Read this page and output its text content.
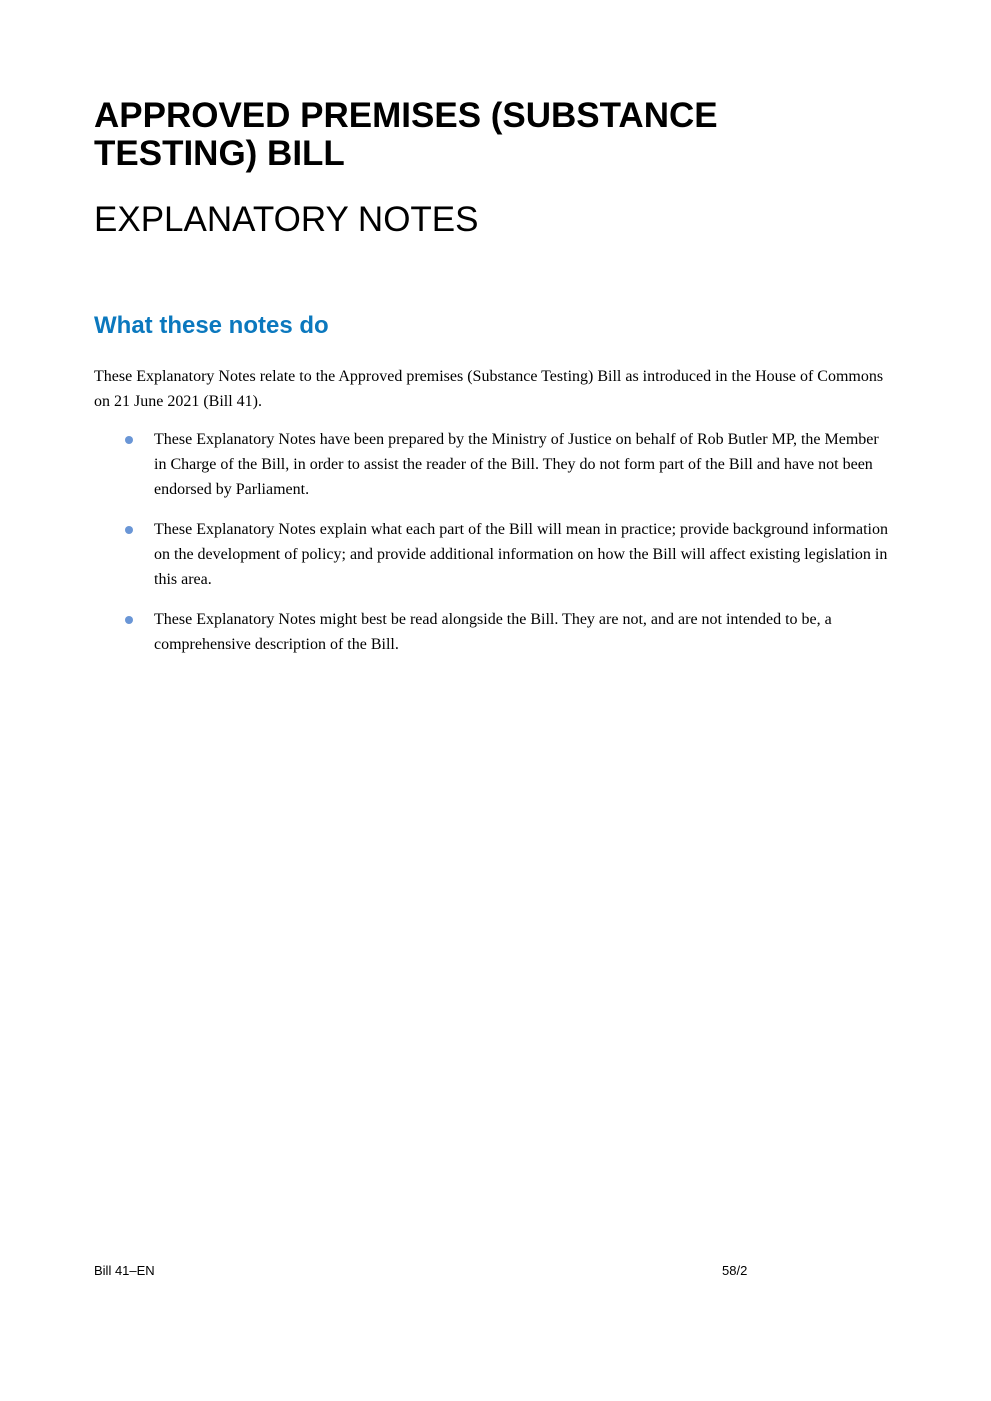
APPROVED PREMISES (SUBSTANCE TESTING) BILL
EXPLANATORY NOTES
What these notes do

These Explanatory Notes relate to the Approved premises (Substance Testing) Bill as introduced in the House of Commons on 21 June 2021 (Bill 41).

These Explanatory Notes have been prepared by the Ministry of Justice on behalf of Rob Butler MP, the Member in Charge of the Bill, in order to assist the reader of the Bill. They do not form part of the Bill and have not been endorsed by Parliament.
These Explanatory Notes explain what each part of the Bill will mean in practice; provide background information on the development of policy; and provide additional information on how the Bill will affect existing legislation in this area.
These Explanatory Notes might best be read alongside the Bill. They are not, and are not intended to be, a comprehensive description of the Bill.
Bill 41–EN	58/2
